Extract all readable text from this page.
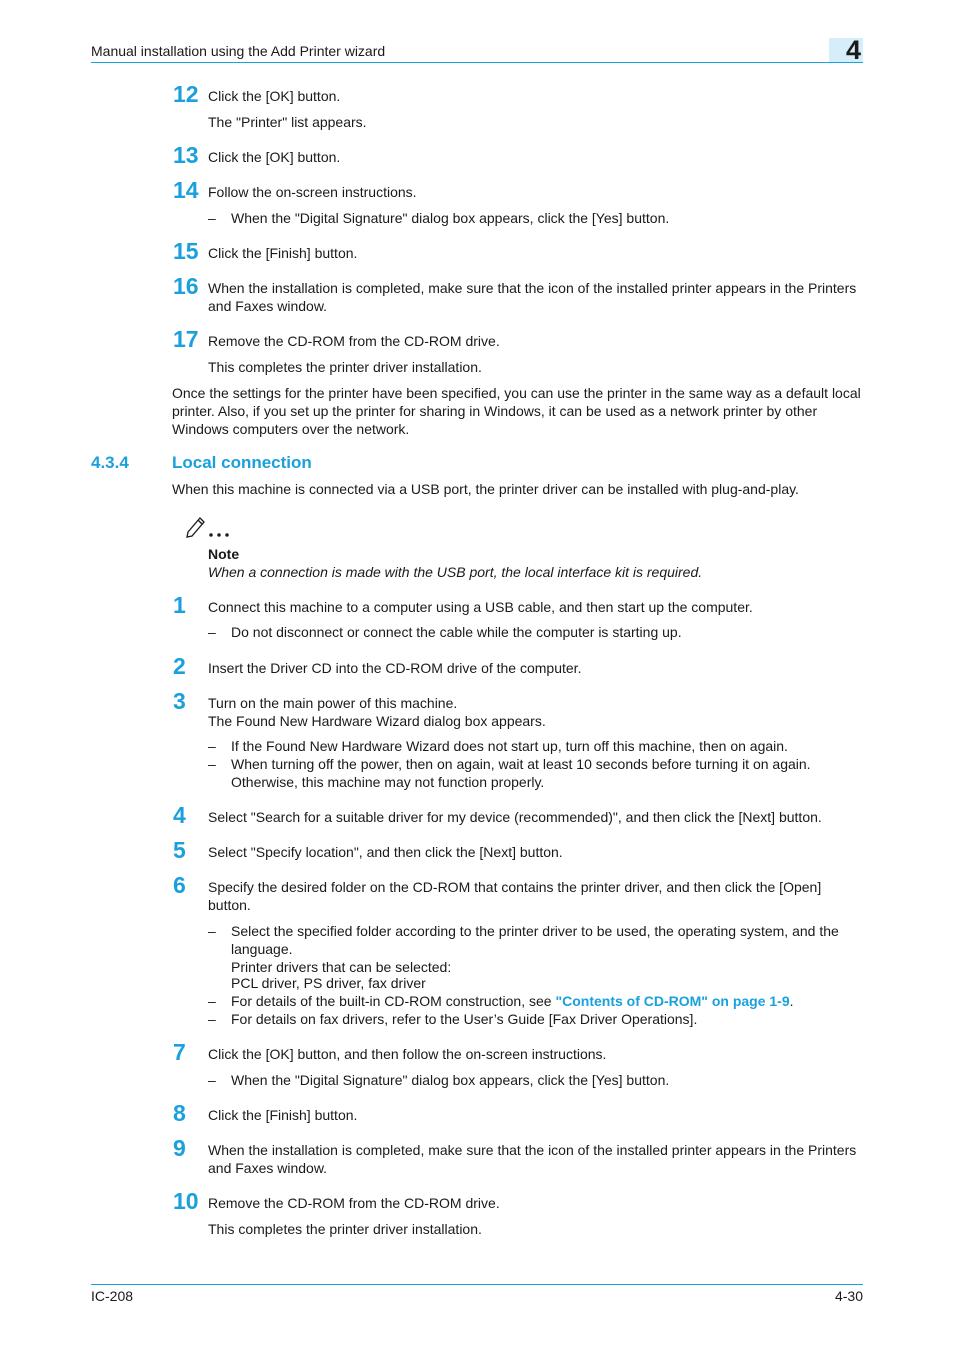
Manual installation using the Add Printer wizard	4
12 Click the [OK] button.
The "Printer" list appears.
13 Click the [OK] button.
14 Follow the on-screen instructions.
– When the "Digital Signature" dialog box appears, click the [Yes] button.
15 Click the [Finish] button.
16 When the installation is completed, make sure that the icon of the installed printer appears in the Printers and Faxes window.
17 Remove the CD-ROM from the CD-ROM drive.
This completes the printer driver installation.
Once the settings for the printer have been specified, you can use the printer in the same way as a default local printer. Also, if you set up the printer for sharing in Windows, it can be used as a network printer by other Windows computers over the network.
4.3.4	Local connection
When this machine is connected via a USB port, the printer driver can be installed with plug-and-play.
Note
When a connection is made with the USB port, the local interface kit is required.
1 Connect this machine to a computer using a USB cable, and then start up the computer.
– Do not disconnect or connect the cable while the computer is starting up.
2 Insert the Driver CD into the CD-ROM drive of the computer.
3 Turn on the main power of this machine.
The Found New Hardware Wizard dialog box appears.
– If the Found New Hardware Wizard does not start up, turn off this machine, then on again.
– When turning off the power, then on again, wait at least 10 seconds before turning it on again. Otherwise, this machine may not function properly.
4 Select "Search for a suitable driver for my device (recommended)", and then click the [Next] button.
5 Select "Specify location", and then click the [Next] button.
6 Specify the desired folder on the CD-ROM that contains the printer driver, and then click the [Open] button.
– Select the specified folder according to the printer driver to be used, the operating system, and the language.
Printer drivers that can be selected:
PCL driver, PS driver, fax driver
– For details of the built-in CD-ROM construction, see "Contents of CD-ROM" on page 1-9.
– For details on fax drivers, refer to the User’s Guide [Fax Driver Operations].
7 Click the [OK] button, and then follow the on-screen instructions.
– When the "Digital Signature" dialog box appears, click the [Yes] button.
8 Click the [Finish] button.
9 When the installation is completed, make sure that the icon of the installed printer appears in the Printers and Faxes window.
10 Remove the CD-ROM from the CD-ROM drive.
This completes the printer driver installation.
IC-208	4-30
